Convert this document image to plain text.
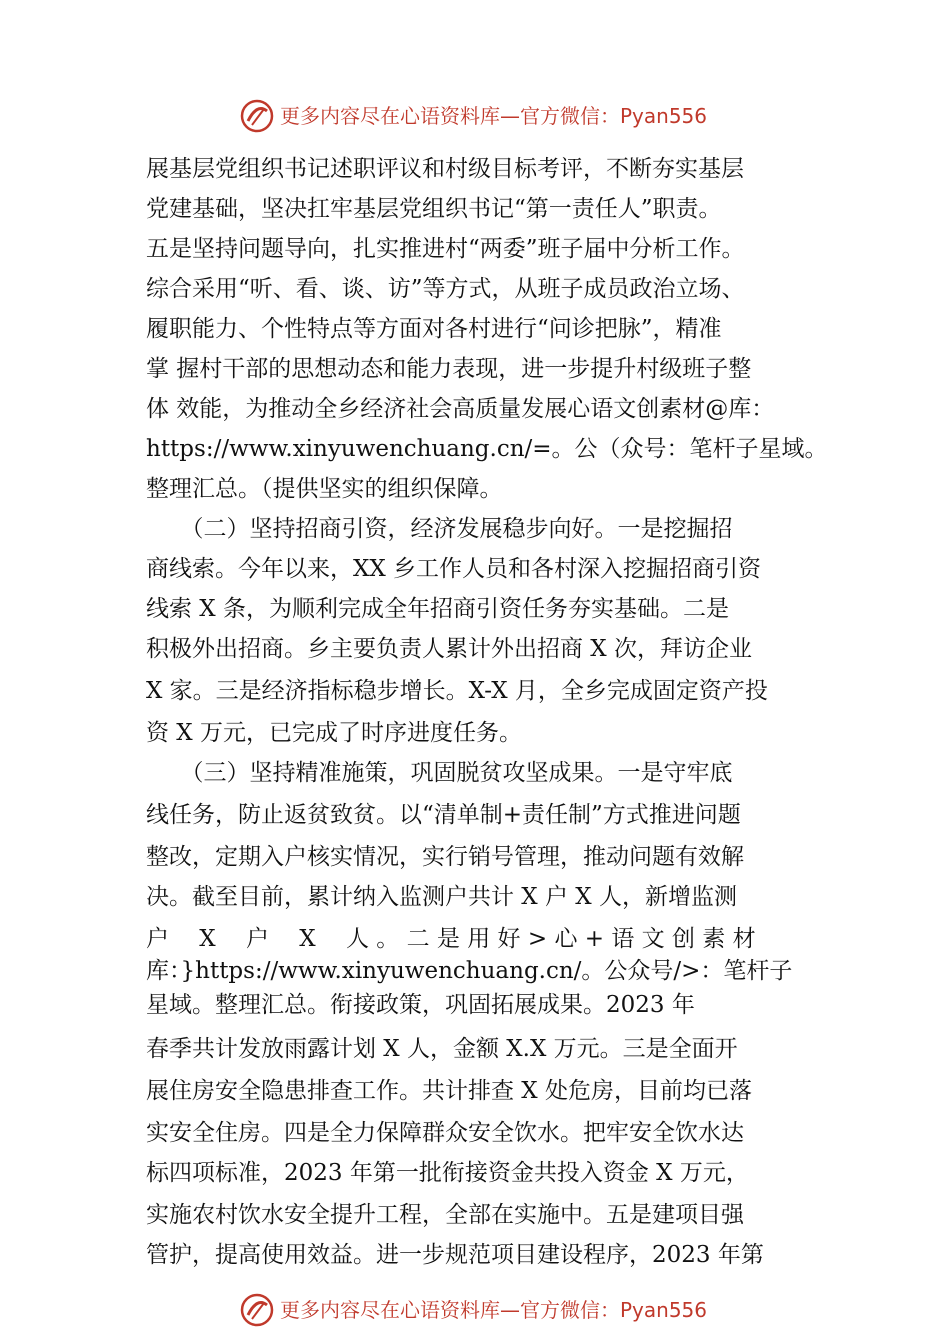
更多内容尽在心语资料库—官方微信：Pyan556
展基层党组织书记述职评议和村级目标考评，不断夯实基层
党建基础，坚决扛牢基层党组织书记“第一责任人”职责。
五是坚持问题导向，扎实推进村“两委”班子届中分析工作。
综合采用“听、看、谈、访”等方式，从班子成员政治立场、
履职能力、个性特点等方面对各村进行“问诊把脉”，精准
掌 握村干部的思想动态和能力表现，进一步提升村级班子整
体 效能，为推动全乡经济社会高质量发展心语文创素材@库：
https://www.xinyuwenchuang.cn/=。公（众号：笔杆子星域。
整理汇总。（提供坚实的组织保障。
　　（二）坚持招商引资，经济发展稳步向好。一是挖掘招
商线索。今年以来，XX 乡工作人员和各村深入挖掘招商引资
线索 X 条，为顺利完成全年招商引资任务夯实基础。二是
积极外出招商。乡主要负责人累计外出招商 X 次，拜访企业
X 家。三是经济指标稳步增长。X-X 月，全乡完成固定资产投
资 X 万元，已完成了时序进度任务。
　　（三）坚持精准施策，巩固脱贫攻坚成果。一是守牢底
线任务，防止返贫致贫。以“清单制+责任制”方式推进问题
整改，定期入户核实情况，实行销号管理，推动问题有效解
决。截至目前，累计纳入监测户共计 X 户 X 人，新增监测
户　 X　 户　 X　 人 。 二 是 用 好 > 心 + 语 文 创 素 材
库：}https://www.xinyuwenchuang.cn/。公众号/>：笔杆子
星域。整理汇总。衔接政策，巩固拓展成果。2023 年
春季共计发放雨露计划 X 人，金额 X.X 万元。三是全面开
展住房安全隐患排查工作。共计排查 X 处危房，目前均已落
实安全住房。四是全力保障群众安全饮水。把牢安全饮水达
标四项标准，2023 年第一批衔接资金共投入资金 X 万元，
实施农村饮水安全提升工程，全部在实施中。五是建项目强
管护，提高使用效益。进一步规范项目建设程序，2023 年第
更多内容尽在心语资料库—官方微信：Pyan556
